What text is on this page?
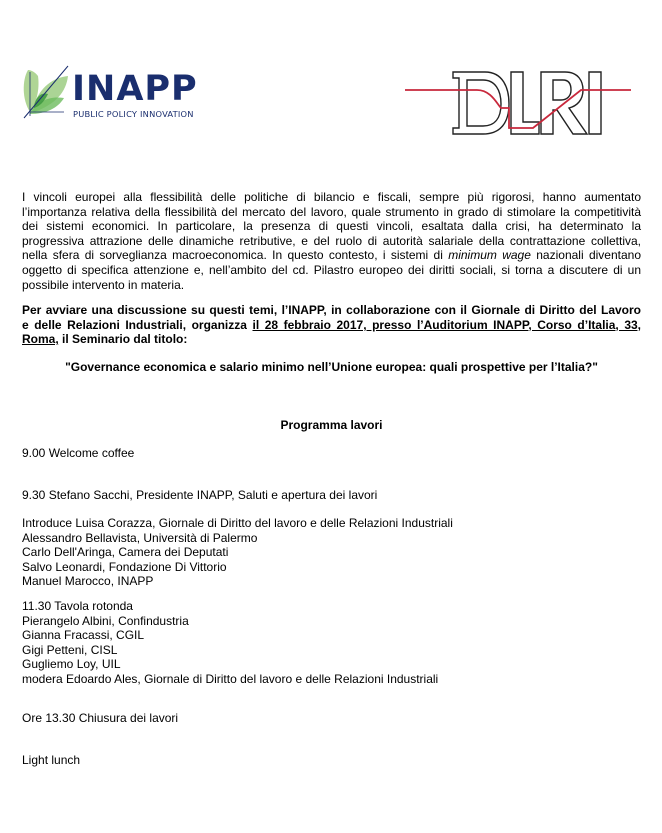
INAPP
PUBLIC POLICY INNOVATION
I vincoli europei alla flessibilità delle politiche di bilancio e fiscali, sempre più rigorosi, hanno aumentato
l’importanza relativa della flessibilità del mercato del lavoro, quale strumento in grado di stimolare la competitività
dei sistemi economici. In particolare, la presenza di questi vincoli, esaltata dalla crisi, ha determinato la
progressiva attrazione delle dinamiche retributive, e del ruolo di autorità salariale della contrattazione collettiva,
nella sfera di sorveglianza macroeconomica. In questo contesto, i sistemi di minimum wage nazionali diventano
oggetto di specifica attenzione e, nell’ambito del cd. Pilastro europeo dei diritti sociali, si torna a discutere di un
possibile intervento in materia.
Per avviare una discussione su questi temi, l’INAPP, in collaborazione con il Giornale di Diritto del Lavoro
e delle Relazioni Industriali, organizza il 28 febbraio 2017, presso l’Auditorium INAPP, Corso d’Italia, 33,
Roma, il Seminario dal titolo:
"Governance economica e salario minimo nell’Unione europea: quali prospettive per l’Italia?"
Programma lavori
9.00 Welcome coffee
9.30 Stefano Sacchi, Presidente INAPP, Saluti e apertura dei lavori
Introduce Luisa Corazza, Giornale di Diritto del lavoro e delle Relazioni Industriali
Alessandro Bellavista, Università di Palermo
Carlo Dell'Aringa, Camera dei Deputati
Salvo Leonardi, Fondazione Di Vittorio
Manuel Marocco, INAPP
11.30 Tavola rotonda
Pierangelo Albini, Confindustria
Gianna Fracassi, CGIL
Gigi Petteni, CISL
Gugliemo Loy, UIL
modera Edoardo Ales, Giornale di Diritto del lavoro e delle Relazioni Industriali
Ore 13.30 Chiusura dei lavori
Light lunch
